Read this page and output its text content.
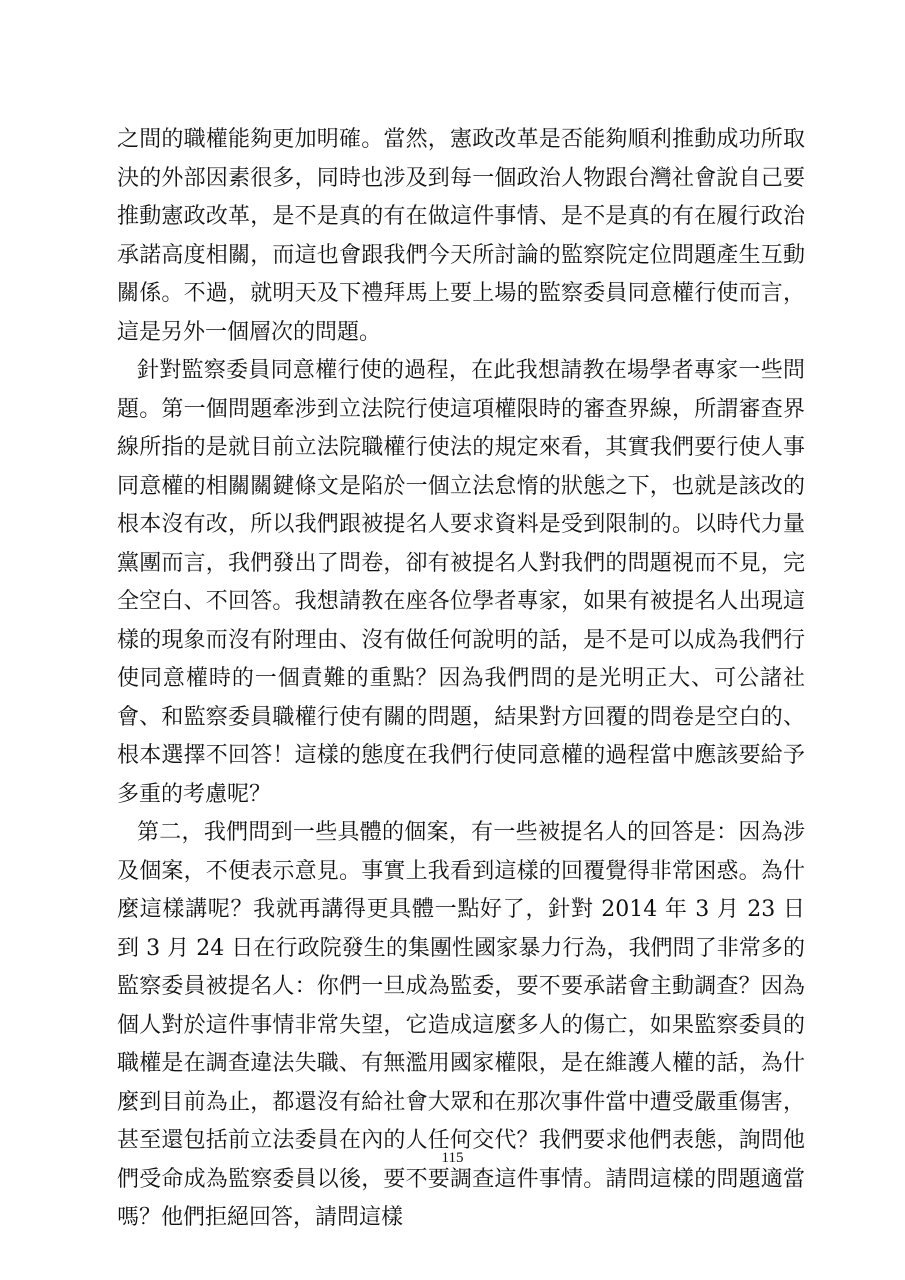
之間的職權能夠更加明確。當然，憲政改革是否能夠順利推動成功所取決的外部因素很多，同時也涉及到每一個政治人物跟台灣社會說自己要推動憲政改革，是不是真的有在做這件事情、是不是真的有在履行政治承諾高度相關，而這也會跟我們今天所討論的監察院定位問題產生互動關係。不過，就明天及下禮拜馬上要上場的監察委員同意權行使而言，這是另外一個層次的問題。

針對監察委員同意權行使的過程，在此我想請教在場學者專家一些問題。第一個問題牽涉到立法院行使這項權限時的審查界線，所謂審查界線所指的是就目前立法院職權行使法的規定來看，其實我們要行使人事同意權的相關關鍵條文是陷於一個立法怠惰的狀態之下，也就是該改的根本沒有改，所以我們跟被提名人要求資料是受到限制的。以時代力量黨團而言，我們發出了問卷，卻有被提名人對我們的問題視而不見，完全空白、不回答。我想請教在座各位學者專家，如果有被提名人出現這樣的現象而沒有附理由、沒有做任何說明的話，是不是可以成為我們行使同意權時的一個責難的重點？因為我們問的是光明正大、可公諸社會、和監察委員職權行使有關的問題，結果對方回覆的問卷是空白的、根本選擇不回答！這樣的態度在我們行使同意權的過程當中應該要給予多重的考慮呢？

第二，我們問到一些具體的個案，有一些被提名人的回答是：因為涉及個案，不便表示意見。事實上我看到這樣的回覆覺得非常困惑。為什麼這樣講呢？我就再講得更具體一點好了，針對 2014 年 3 月 23 日到 3 月 24 日在行政院發生的集團性國家暴力行為，我們問了非常多的監察委員被提名人：你們一旦成為監委，要不要承諾會主動調查？因為個人對於這件事情非常失望，它造成這麼多人的傷亡，如果監察委員的職權是在調查違法失職、有無濫用國家權限，是在維護人權的話，為什麼到目前為止，都還沒有給社會大眾和在那次事件當中遭受嚴重傷害，甚至還包括前立法委員在內的人任何交代？我們要求他們表態，詢問他們受命成為監察委員以後，要不要調查這件事情。請問這樣的問題適當嗎？他們拒絕回答，請問這樣

115
